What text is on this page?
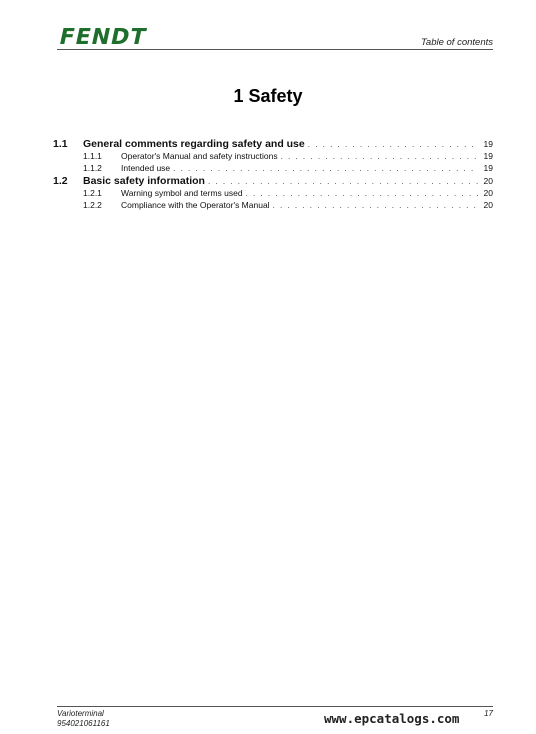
FENDT	Table of contents
1 Safety
1.1	General comments regarding safety and use . . .	19
1.1.1	Operator's Manual and safety instructions . . .	19
1.1.2	Intended use . . .	19
1.2	Basic safety information . . .	20
1.2.1	Warning symbol and terms used . . .	20
1.2.2	Compliance with the Operator's Manual . . .	20
Varioterminal
954021061161	www.epcatalogs.com	17
